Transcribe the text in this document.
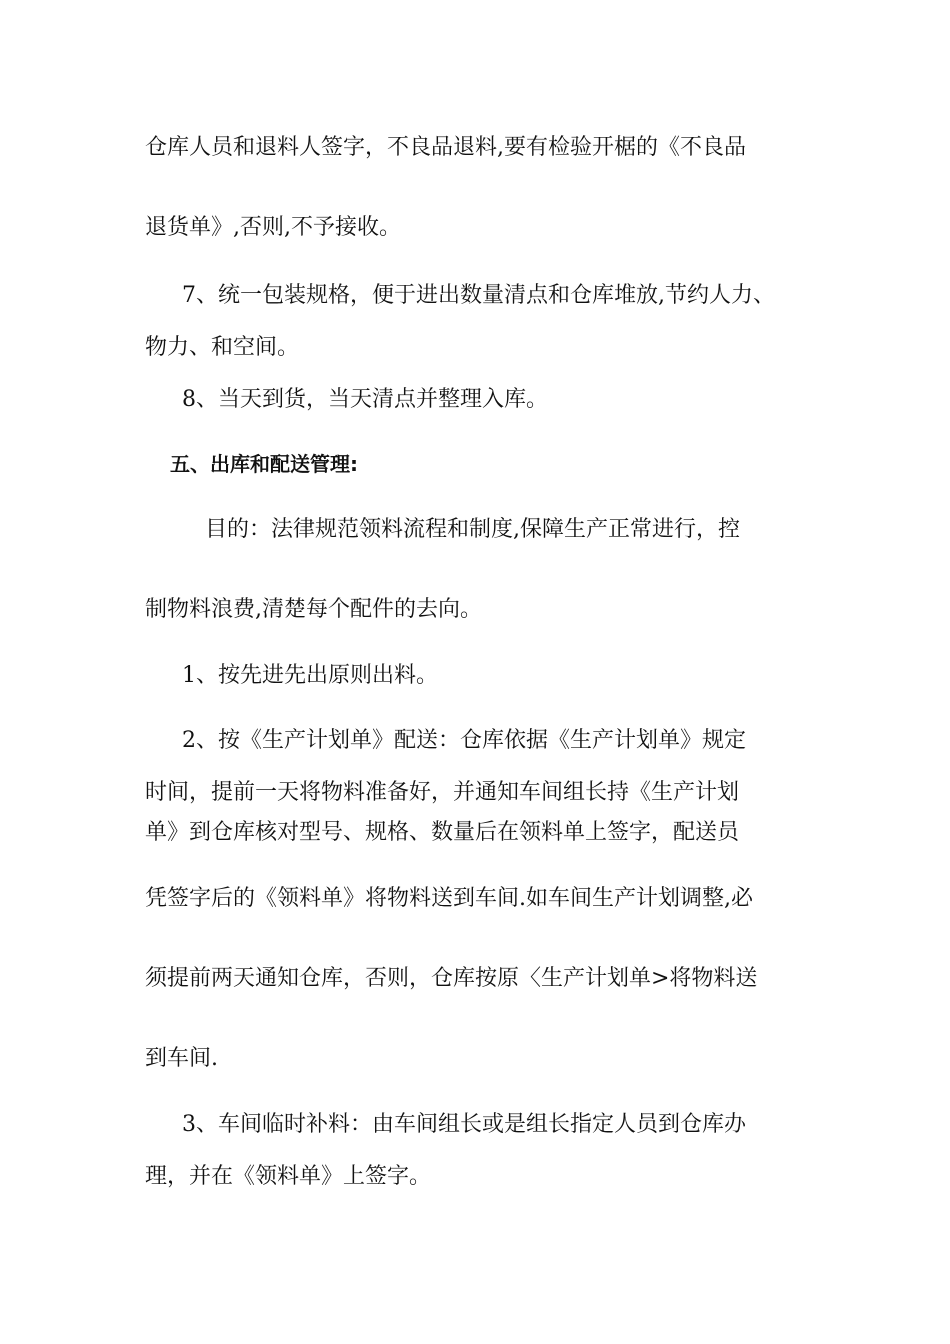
仓库人员和退料人签字，不良品退料,要有检验开椐的《不良品
退货单》,否则,不予接收。
7、统一包装规格，便于进出数量清点和仓库堆放,节约人力、
物力、和空间。
8、当天到货，当天清点并整理入库。
五、出库和配送管理:
目的：法律规范领料流程和制度,保障生产正常进行，控
制物料浪费,清楚每个配件的去向。
1、按先进先出原则出料。
2、按《生产计划单》配送：仓库依据《生产计划单》规定
时间，提前一天将物料准备好，并通知车间组长持《生产计划
单》到仓库核对型号、规格、数量后在领料单上签字，配送员
凭签字后的《领料单》将物料送到车间.如车间生产计划调整,必
须提前两天通知仓库，否则，仓库按原〈生产计划单>将物料送
到车间.
3、车间临时补料：由车间组长或是组长指定人员到仓库办
理，并在《领料单》上签字。
